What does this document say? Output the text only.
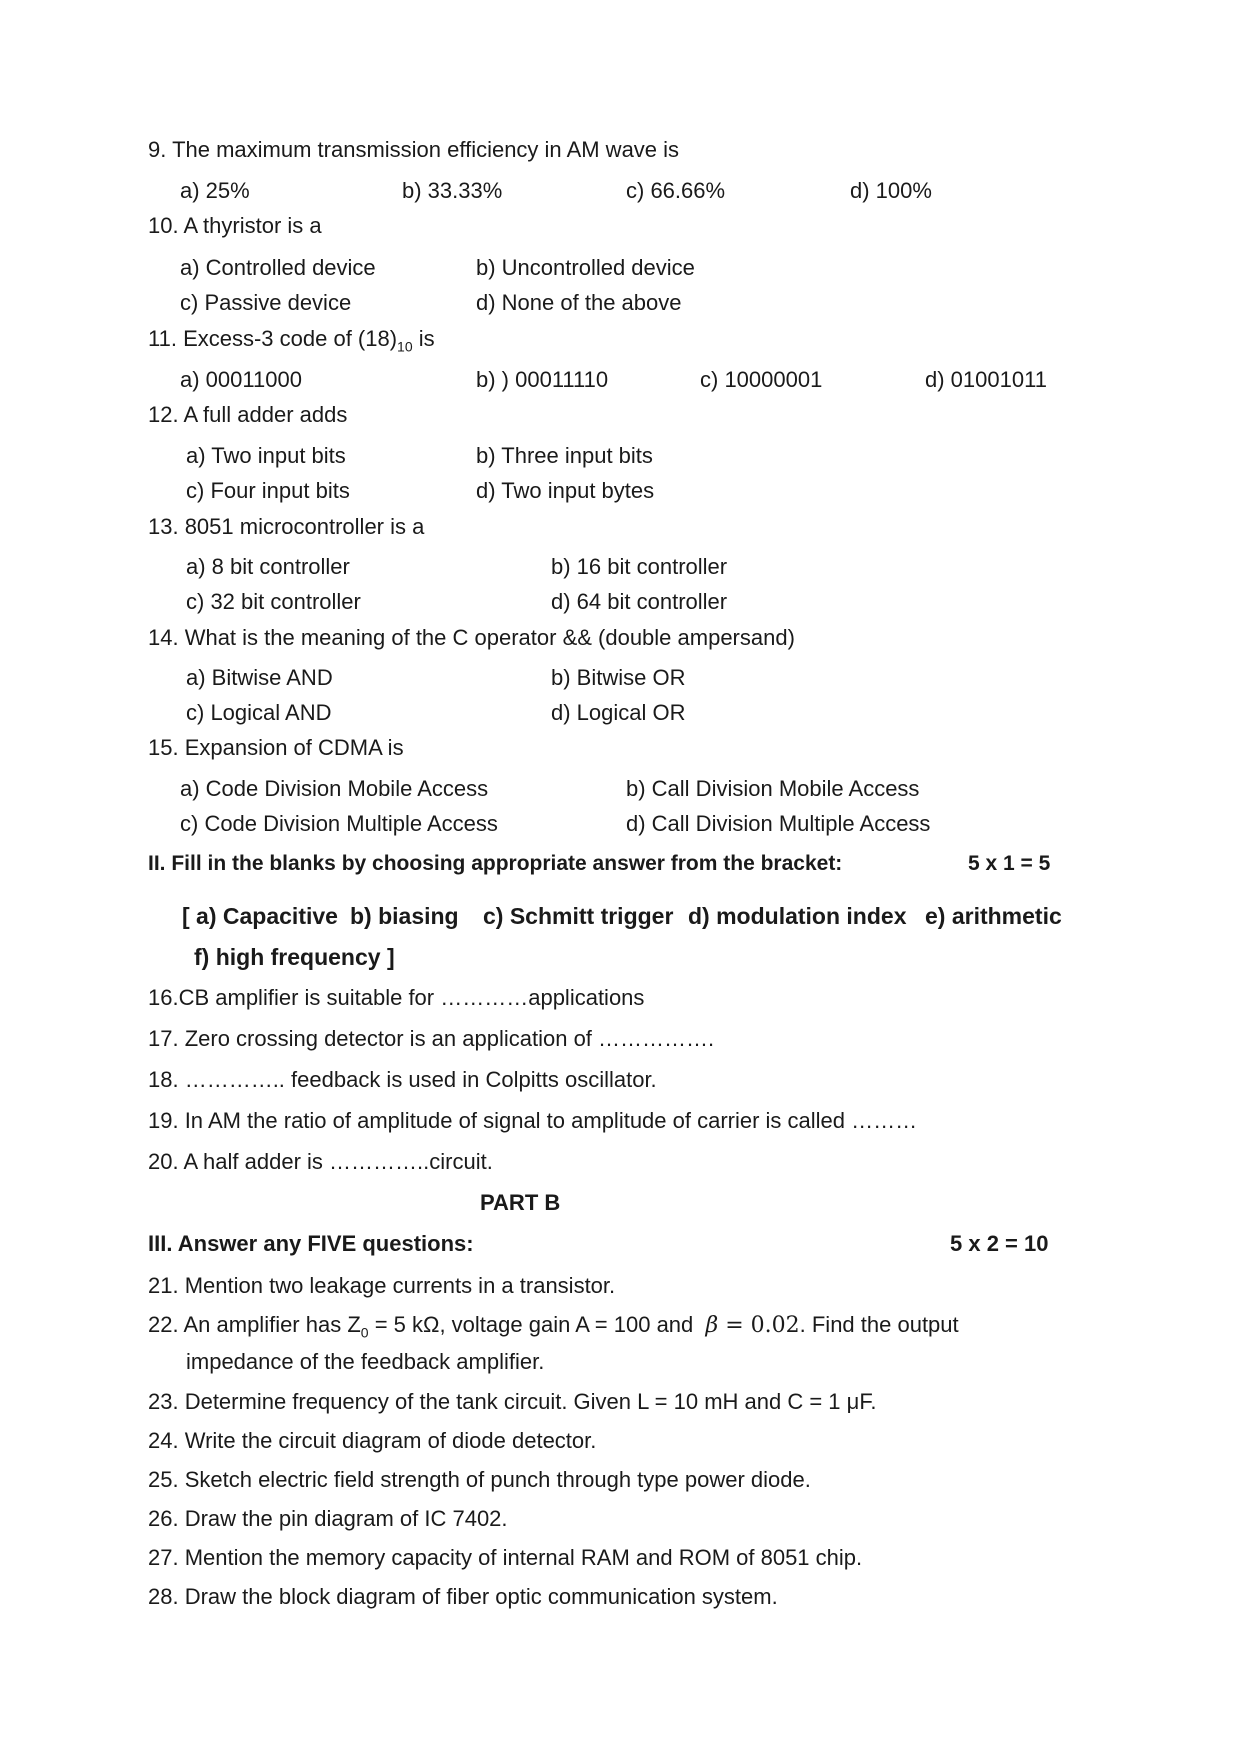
9. The maximum transmission efficiency in AM wave is
a) 25%	b) 33.33%	c) 66.66%	d) 100%
10. A thyristor is a
a) Controlled device	b) Uncontrolled device
c) Passive device	d) None of the above
11. Excess-3 code of $(18)_{10}$ is
a) 00011000	b) ) 00011110	c) 10000001	d) 01001011
12. A full adder adds
a) Two input bits	b) Three input bits
c) Four input bits	d) Two input bytes
13. 8051 microcontroller is a
a) 8 bit controller	b) 16 bit controller
c) 32 bit controller	d) 64 bit controller
14. What is the meaning of the C operator && (double ampersand)
a) Bitwise AND	b) Bitwise OR
c) Logical AND	d) Logical OR
15. Expansion of CDMA is
a) Code Division Mobile Access	b) Call Division Mobile Access
c) Code Division Multiple Access	d) Call Division Multiple Access
II. Fill in the blanks by choosing appropriate answer from the bracket:	5 x 1 = 5
[ a) Capacitive b) biasing c) Schmitt trigger d) modulation index e) arithmetic
f) high frequency ]
16.CB amplifier is suitable for …………applications
17. Zero crossing detector is an application of …………….
18. ………….. feedback is used in Colpitts oscillator.
19. In AM the ratio of amplitude of signal to amplitude of carrier is called ………
20. A half adder is …………..circuit.
PART B
III. Answer any FIVE questions:	5 x 2 = 10
21. Mention two leakage currents in a transistor.
22. An amplifier has $Z_0 = 5$ kΩ, voltage gain A = 100 and β = 0.02. Find the output
impedance of the feedback amplifier.
23. Determine frequency of the tank circuit. Given L = 10 mH and C = 1 μF.
24. Write the circuit diagram of diode detector.
25. Sketch electric field strength of punch through type power diode.
26. Draw the pin diagram of IC 7402.
27. Mention the memory capacity of internal RAM and ROM of 8051 chip.
28. Draw the block diagram of fiber optic communication system.
